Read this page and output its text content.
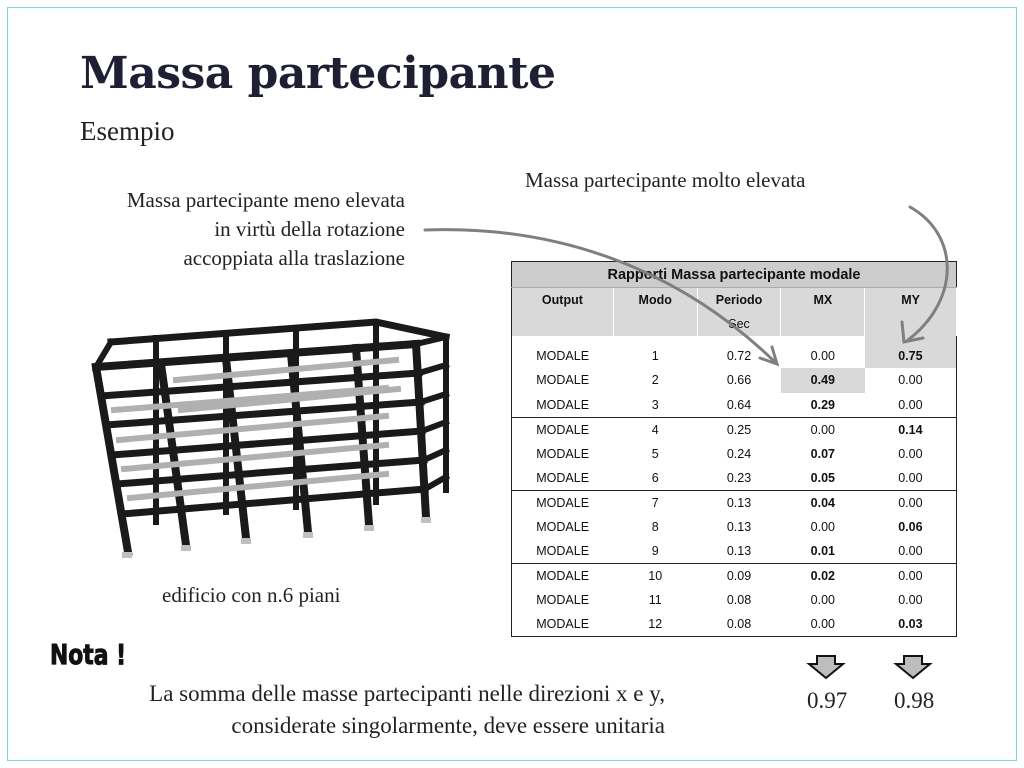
Massa partecipante
Esempio
Massa partecipante meno elevata
in virtù della rotazione
accoppiata alla traslazione
Massa partecipante molto elevata
edificio con n.6 piani
Rapporti Massa partecipante modale				
Output	Modo	Periodo	MX	MY
		Sec		
MODALE	1	0.72	0.00	0.75
MODALE	2	0.66	0.49	0.00
MODALE	3	0.64	0.29	0.00
MODALE	4	0.25	0.00	0.14
MODALE	5	0.24	0.07	0.00
MODALE	6	0.23	0.05	0.00
MODALE	7	0.13	0.04	0.00
MODALE	8	0.13	0.00	0.06
MODALE	9	0.13	0.01	0.00
MODALE	10	0.09	0.02	0.00
MODALE	11	0.08	0.00	0.00
MODALE	12	0.08	0.00	0.03
Nota !
La somma delle masse partecipanti nelle direzioni x e y,
considerate singolarmente, deve essere unitaria
0.97 0.98
